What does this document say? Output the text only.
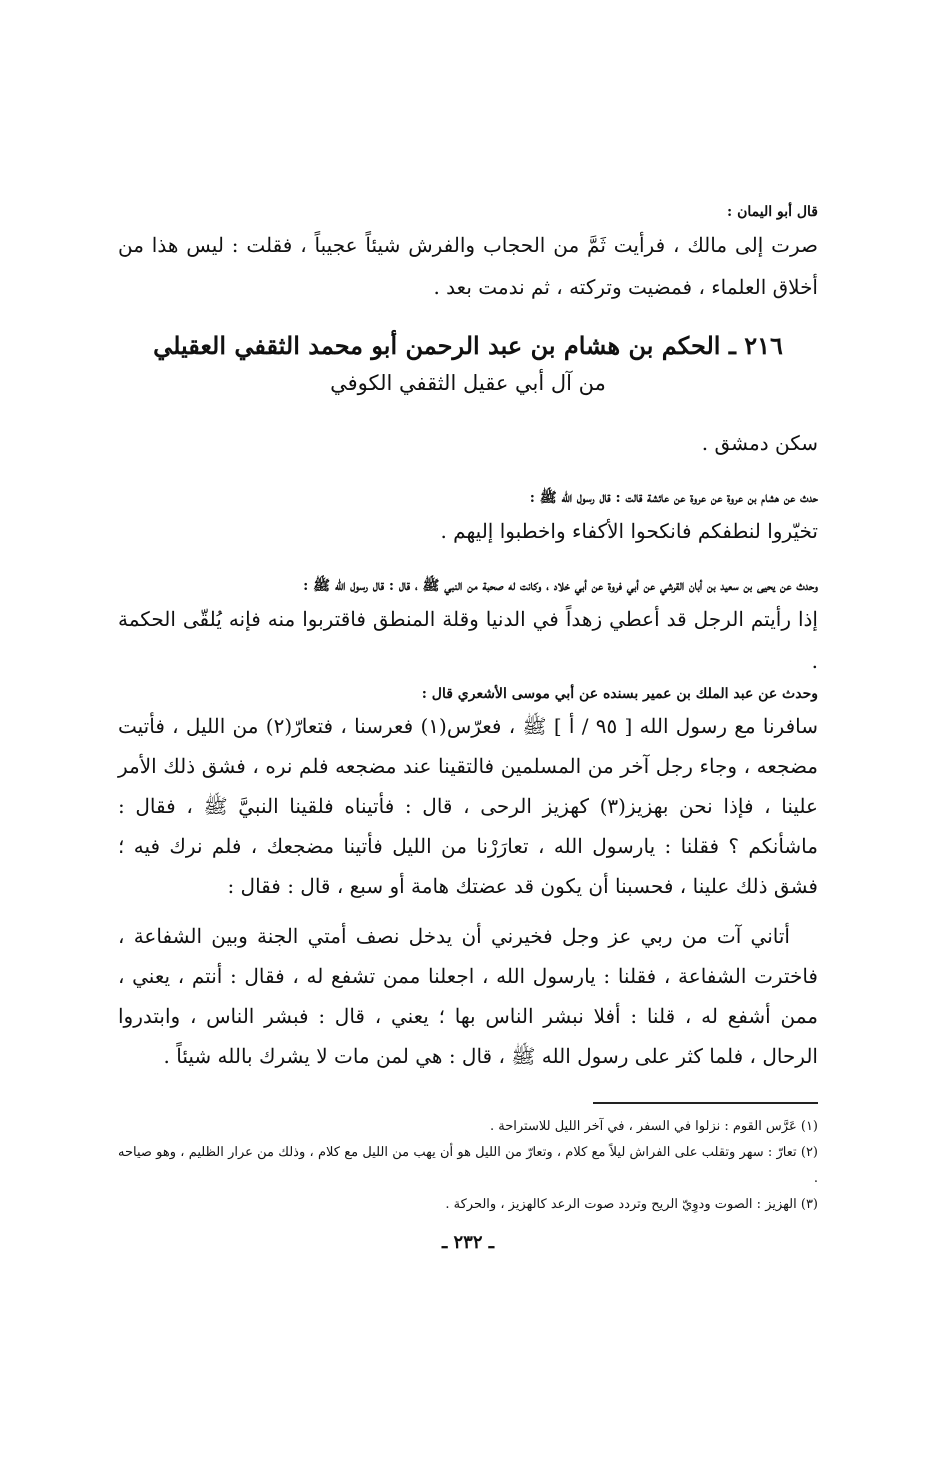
قال أبو اليمان :

صرت إلى مالك ، فرأيت ثَمَّ من الحجاب والفرش شيئاً عجيباً ، فقلت : ليس هذا من أخلاق العلماء ، فمضيت وتركته ، ثم ندمت بعد .

٢١٦ ـ الحكم بن هشام بن عبد الرحمن أبو محمد الثقفي العقيلي
من آل أبي عقيل الثقفي الكوفي

سكن دمشق .

حدث عن هشام بن عروة عن عروة عن عائشة قالت : قال رسول الله ﷺ :

تخيّروا لنطفكم فانكحوا الأكفاء واخطبوا إليهم .

وحدث عن يحيى بن سعيد بن أبان القرشي عن أبي فروة عن أبي خلاد ، وكانت له صحبة من النبي ﷺ ، قال : قال رسول الله ﷺ :

إذا رأيتم الرجل قد أعطي زهداً في الدنيا وقلة المنطق فاقتربوا منه فإنه يُلقّى الحكمة .

وحدث عن عبد الملك بن عمير بسنده عن أبي موسى الأشعري قال :

سافرنا مع رسول الله [ ٩٥ / أ ] ﷺ ، فعرّس(١) فعرسنا ، فتعارّ(٢) من الليل ، فأتيت مضجعه ، وجاء رجل آخر من المسلمين فالتقينا عند مضجعه فلم نره ، فشق ذلك الأمر علينا ، فإذا نحن بهزيز(٣) كهزيز الرحى ، قال : فأتيناه فلقينا النبيَّ ﷺ ، فقال : ماشأنكم ؟ فقلنا : يارسول الله ، تعارَرْنا من الليل فأتينا مضجعك ، فلم نرك فيه ؛ فشق ذلك علينا ، فحسبنا أن يكون قد عضتك هامة أو سبع ، قال : فقال :

أتاني آت من ربي عز وجل فخيرني أن يدخل نصف أمتي الجنة وبين الشفاعة ، فاخترت الشفاعة ، فقلنا : يارسول الله ، اجعلنا ممن تشفع له ، فقال : أنتم ، يعني ، ممن أشفع له ، قلنا : أفلا نبشر الناس بها ؛ يعني ، قال : فبشر الناس ، وابتدروا الرحال ، فلما كثر على رسول الله ﷺ ، قال : هي لمن مات لا يشرك بالله شيئاً .

(١) عَرَّس القوم : نزلوا في السفر ، في آخر الليل للاستراحة .

(٢) تعارّ : سهر وتقلب على الفراش ليلاً مع كلام ، وتعارّ من الليل هو أن يهب من الليل مع كلام ، وذلك من عرار الظليم ، وهو صياحه .

(٣) الهزيز : الصوت ودوِيّ الريح وتردد صوت الرعد كالهزيز ، والحركة .

ـ ٢٣٢ ـ
